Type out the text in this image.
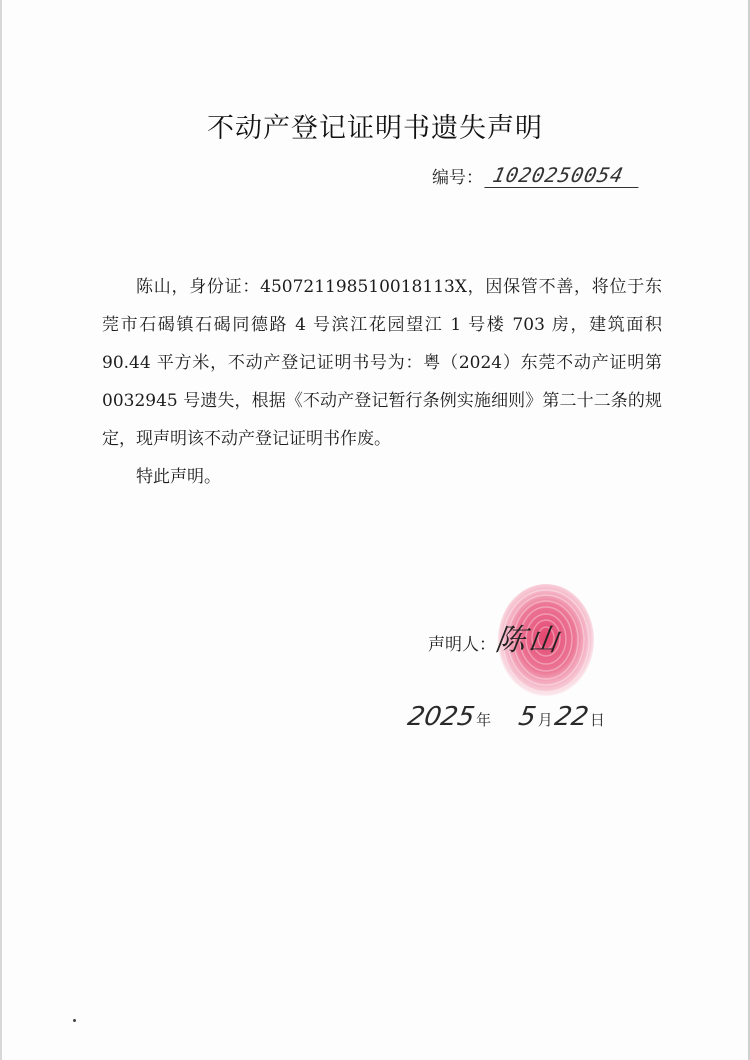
不动产登记证明书遗失声明
编号： 1020250054

陈山，身份证：450721198510018113X，因保管不善，将位于东莞市石碣镇石碣同德路 4 号滨江花园望江 1 号楼 703 房，建筑面积 90.44 平方米，不动产登记证明书号为：粤（2024）东莞不动产证明第 0032945 号遗失，根据《不动产登记暂行条例实施细则》第二十二条的规定，现声明该不动产登记证明书作废。

特此声明。

声明人：
陈山
2025年 5月22日
